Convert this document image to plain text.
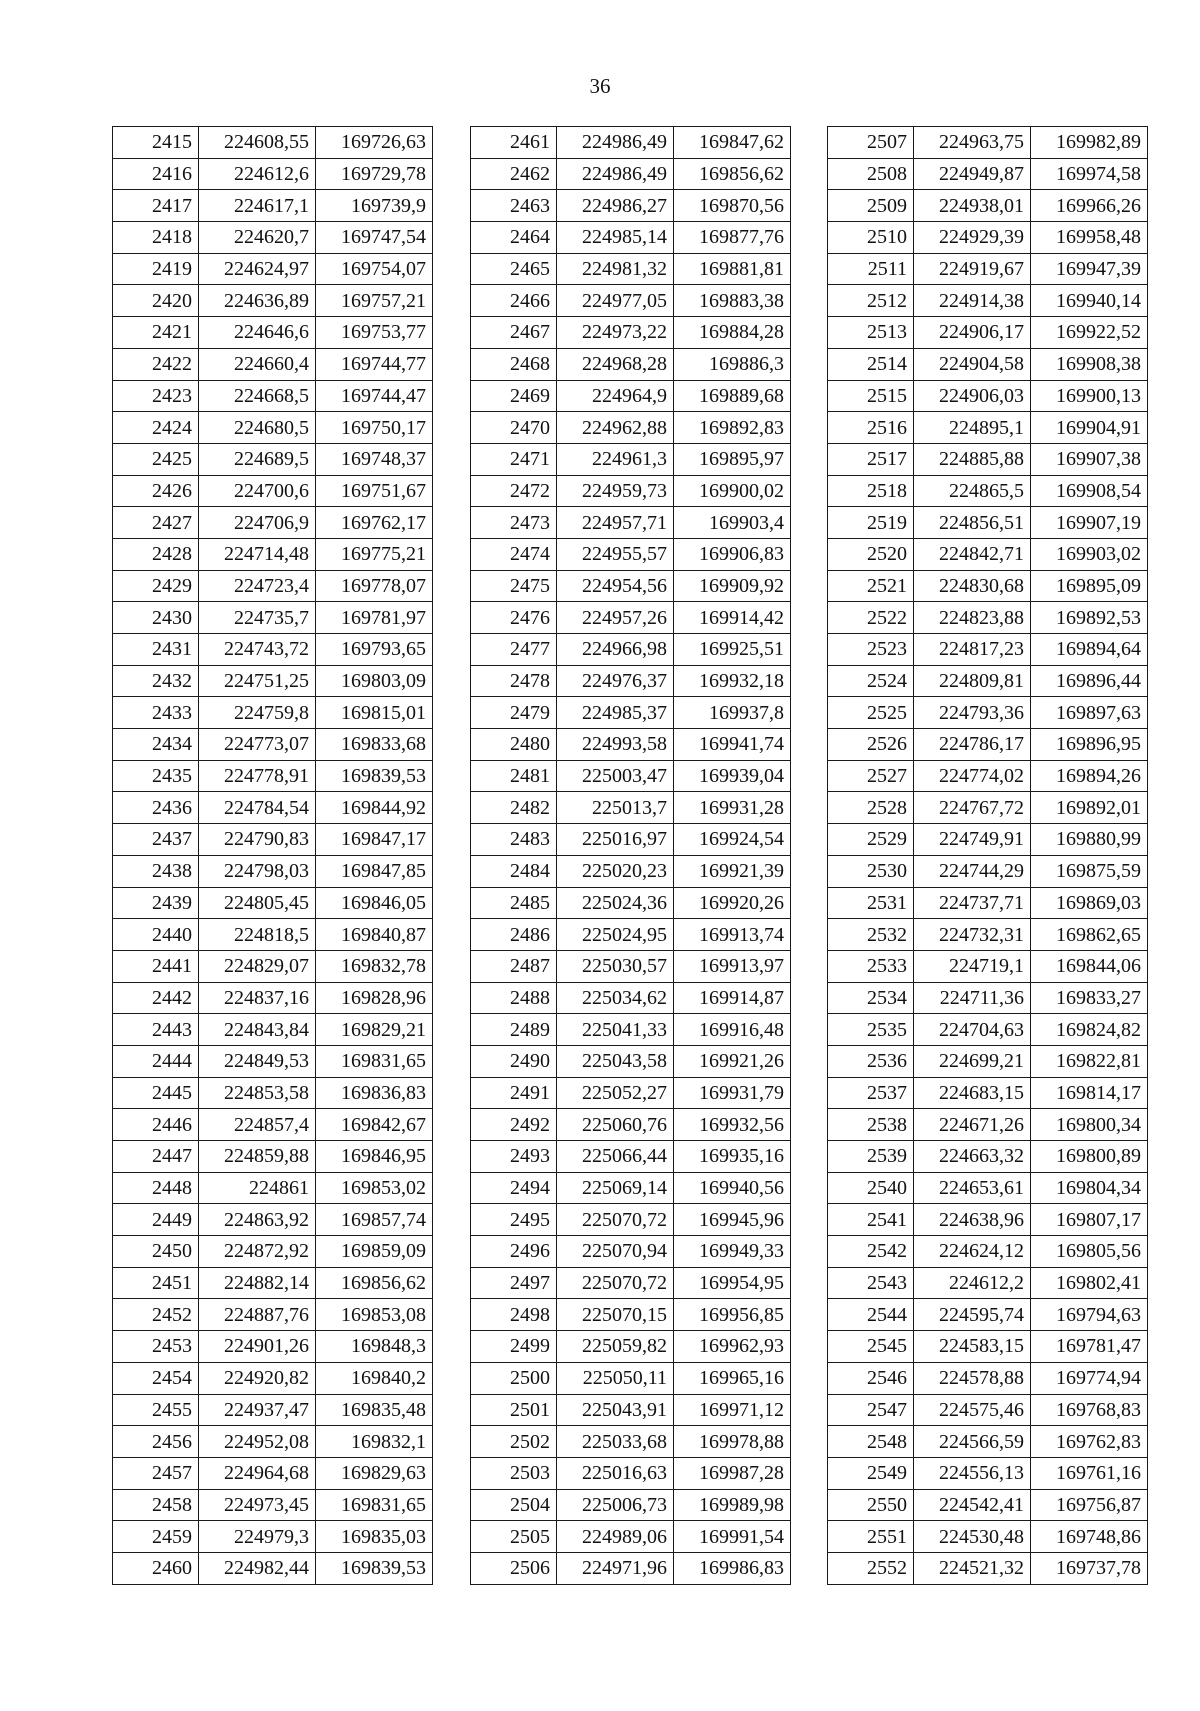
36
2415	224608,55	169726,63
2416	224612,6	169729,78
2417	224617,1	169739,9
2418	224620,7	169747,54
2419	224624,97	169754,07
2420	224636,89	169757,21
2421	224646,6	169753,77
2422	224660,4	169744,77
2423	224668,5	169744,47
2424	224680,5	169750,17
2425	224689,5	169748,37
2426	224700,6	169751,67
2427	224706,9	169762,17
2428	224714,48	169775,21
2429	224723,4	169778,07
2430	224735,7	169781,97
2431	224743,72	169793,65
2432	224751,25	169803,09
2433	224759,8	169815,01
2434	224773,07	169833,68
2435	224778,91	169839,53
2436	224784,54	169844,92
2437	224790,83	169847,17
2438	224798,03	169847,85
2439	224805,45	169846,05
2440	224818,5	169840,87
2441	224829,07	169832,78
2442	224837,16	169828,96
2443	224843,84	169829,21
2444	224849,53	169831,65
2445	224853,58	169836,83
2446	224857,4	169842,67
2447	224859,88	169846,95
2448	224861	169853,02
2449	224863,92	169857,74
2450	224872,92	169859,09
2451	224882,14	169856,62
2452	224887,76	169853,08
2453	224901,26	169848,3
2454	224920,82	169840,2
2455	224937,47	169835,48
2456	224952,08	169832,1
2457	224964,68	169829,63
2458	224973,45	169831,65
2459	224979,3	169835,03
2460	224982,44	169839,53
2461	224986,49	169847,62
2462	224986,49	169856,62
2463	224986,27	169870,56
2464	224985,14	169877,76
2465	224981,32	169881,81
2466	224977,05	169883,38
2467	224973,22	169884,28
2468	224968,28	169886,3
2469	224964,9	169889,68
2470	224962,88	169892,83
2471	224961,3	169895,97
2472	224959,73	169900,02
2473	224957,71	169903,4
2474	224955,57	169906,83
2475	224954,56	169909,92
2476	224957,26	169914,42
2477	224966,98	169925,51
2478	224976,37	169932,18
2479	224985,37	169937,8
2480	224993,58	169941,74
2481	225003,47	169939,04
2482	225013,7	169931,28
2483	225016,97	169924,54
2484	225020,23	169921,39
2485	225024,36	169920,26
2486	225024,95	169913,74
2487	225030,57	169913,97
2488	225034,62	169914,87
2489	225041,33	169916,48
2490	225043,58	169921,26
2491	225052,27	169931,79
2492	225060,76	169932,56
2493	225066,44	169935,16
2494	225069,14	169940,56
2495	225070,72	169945,96
2496	225070,94	169949,33
2497	225070,72	169954,95
2498	225070,15	169956,85
2499	225059,82	169962,93
2500	225050,11	169965,16
2501	225043,91	169971,12
2502	225033,68	169978,88
2503	225016,63	169987,28
2504	225006,73	169989,98
2505	224989,06	169991,54
2506	224971,96	169986,83
2507	224963,75	169982,89
2508	224949,87	169974,58
2509	224938,01	169966,26
2510	224929,39	169958,48
2511	224919,67	169947,39
2512	224914,38	169940,14
2513	224906,17	169922,52
2514	224904,58	169908,38
2515	224906,03	169900,13
2516	224895,1	169904,91
2517	224885,88	169907,38
2518	224865,5	169908,54
2519	224856,51	169907,19
2520	224842,71	169903,02
2521	224830,68	169895,09
2522	224823,88	169892,53
2523	224817,23	169894,64
2524	224809,81	169896,44
2525	224793,36	169897,63
2526	224786,17	169896,95
2527	224774,02	169894,26
2528	224767,72	169892,01
2529	224749,91	169880,99
2530	224744,29	169875,59
2531	224737,71	169869,03
2532	224732,31	169862,65
2533	224719,1	169844,06
2534	224711,36	169833,27
2535	224704,63	169824,82
2536	224699,21	169822,81
2537	224683,15	169814,17
2538	224671,26	169800,34
2539	224663,32	169800,89
2540	224653,61	169804,34
2541	224638,96	169807,17
2542	224624,12	169805,56
2543	224612,2	169802,41
2544	224595,74	169794,63
2545	224583,15	169781,47
2546	224578,88	169774,94
2547	224575,46	169768,83
2548	224566,59	169762,83
2549	224556,13	169761,16
2550	224542,41	169756,87
2551	224530,48	169748,86
2552	224521,32	169737,78
